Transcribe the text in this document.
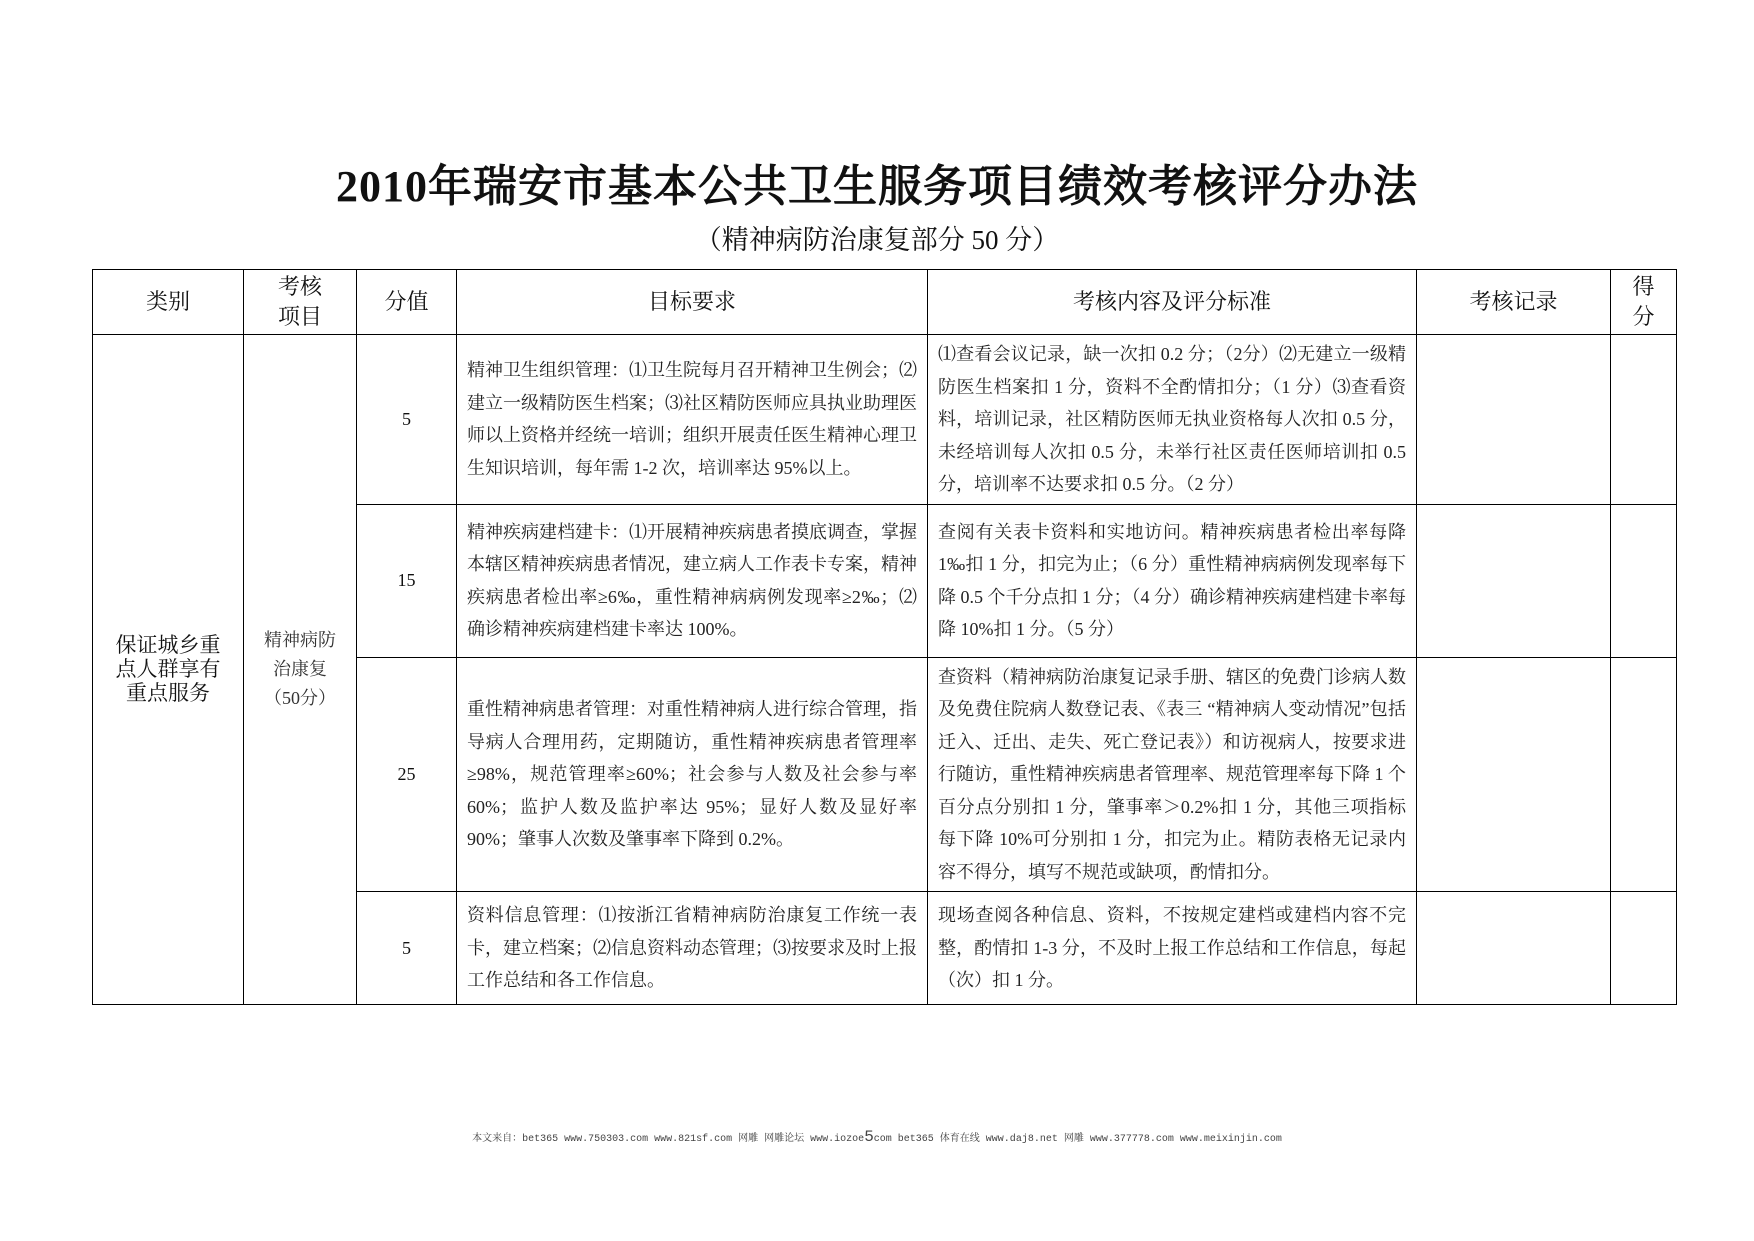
2010年瑞安市基本公共卫生服务项目绩效考核评分办法
（精神病防治康复部分 50 分）
类别	考核项目	分值	目标要求	考核内容及评分标准	考核记录	得分
保证城乡重点人群享有重点服务	精神病防治康复（50分）	5	精神卫生组织管理：⑴卫生院每月召开精神卫生例会；⑵建立一级精防医生档案；⑶社区精防医师应具执业助理医师以上资格并经统一培训；组织开展责任医生精神心理卫生知识培训，每年需 1-2 次，培训率达 95%以上。	⑴查看会议记录，缺一次扣 0.2 分；（2分）⑵无建立一级精防医生档案扣 1 分，资料不全酌情扣分；（1 分）⑶查看资料，培训记录，社区精防医师无执业资格每人次扣 0.5 分，未经培训每人次扣 0.5 分，未举行社区责任医师培训扣 0.5 分，培训率不达要求扣 0.5 分。（2 分）		
		15	精神疾病建档建卡：⑴开展精神疾病患者摸底调查，掌握本辖区精神疾病患者情况，建立病人工作表卡专案，精神疾病患者检出率≥6‰，重性精神病病例发现率≥2‰；⑵确诊精神疾病建档建卡率达 100%。	查阅有关表卡资料和实地访问。精神疾病患者检出率每降 1‰扣 1 分，扣完为止；（6 分）重性精神病病例发现率每下降 0.5 个千分点扣 1 分；（4 分）确诊精神疾病建档建卡率每降 10%扣 1 分。（5 分）		
		25	重性精神病患者管理：对重性精神病人进行综合管理，指导病人合理用药，定期随访，重性精神疾病患者管理率≥98%，规范管理率≥60%；社会参与人数及社会参与率 60%；监护人数及监护率达 95%；显好人数及显好率 90%；肇事人次数及肇事率下降到 0.2%。	查资料（精神病防治康复记录手册、辖区的免费门诊病人数及免费住院病人数登记表、《表三 “精神病人变动情况”包括迁入、迁出、走失、死亡登记表》）和访视病人，按要求进行随访，重性精神疾病患者管理率、规范管理率每下降 1 个百分点分别扣 1 分，肇事率＞0.2%扣 1 分，其他三项指标每下降 10%可分别扣 1 分，扣完为止。精防表格无记录内容不得分，填写不规范或缺项，酌情扣分。		
		5	资料信息管理：⑴按浙江省精神病防治康复工作统一表卡，建立档案；⑵信息资料动态管理；⑶按要求及时上报工作总结和各工作信息。	现场查阅各种信息、资料，不按规定建档或建档内容不完整，酌情扣 1-3 分，不及时上报工作总结和工作信息，每起（次）扣 1 分。		
本文来自：bet365 www.750303.com www.821sf.com 网雕 网雕论坛 www.iozoe5com bet365 体育在线 www.daj8.net 网雕 www.377778.com www.meixinjin.com
